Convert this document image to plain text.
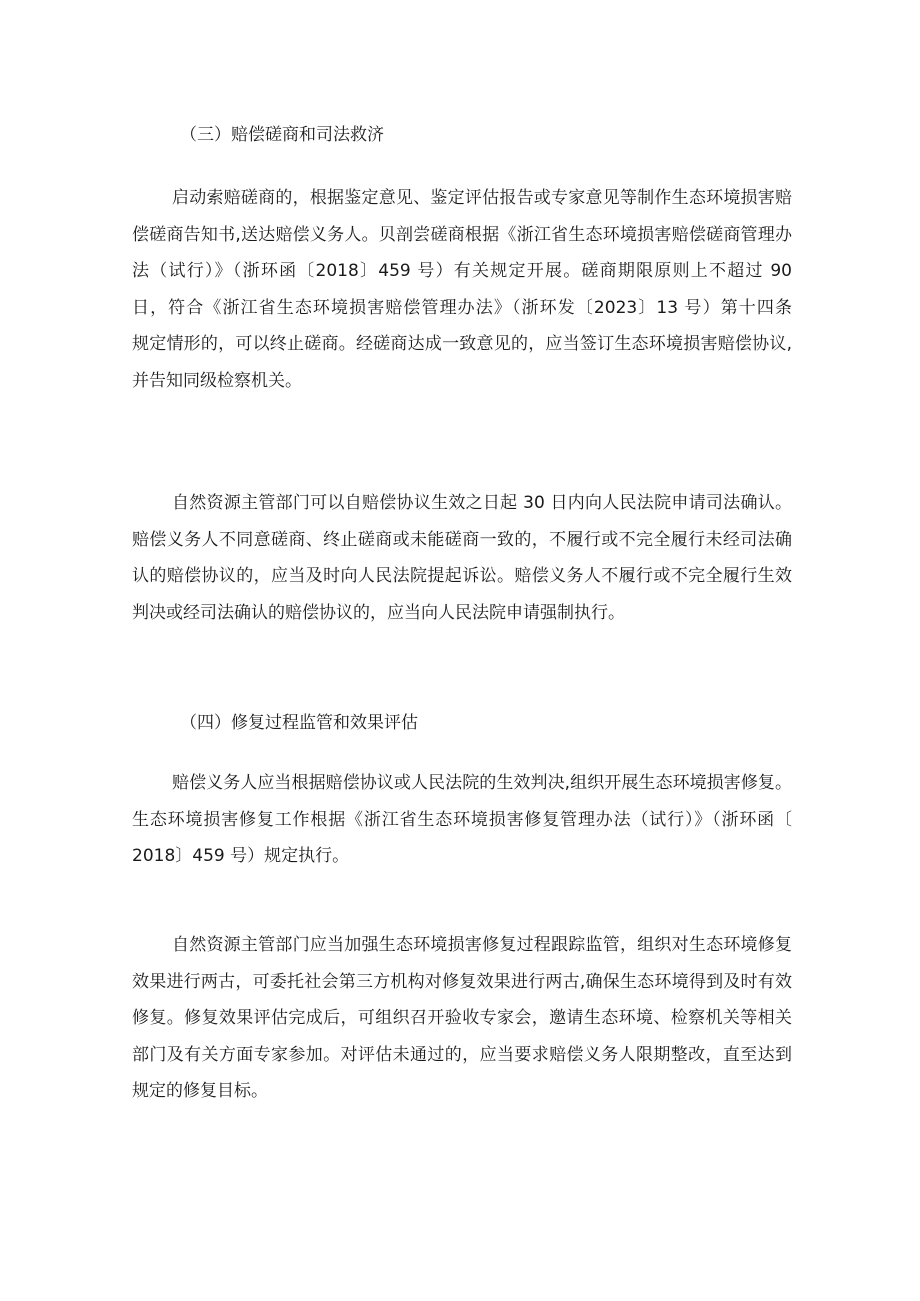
（三）赔偿磋商和司法救济
启动索赔磋商的，根据鉴定意见、鉴定评估报告或专家意见等制作生态环境损害赔
偿磋商告知书,送达赔偿义务人。贝剖尝磋商根据《浙江省生态环境损害赔偿磋商管理办
法（试行）》（浙环函〔2018〕459 号）有关规定开展。磋商期限原则上不超过 90
日，符合《浙江省生态环境损害赔偿管理办法》（浙环发〔2023〕13 号）第十四条
规定情形的，可以终止磋商。经磋商达成一致意见的，应当签订生态环境损害赔偿协议,
并告知同级检察机关。
自然资源主管部门可以自赔偿协议生效之日起 30 日内向人民法院申请司法确认。
赔偿义务人不同意磋商、终止磋商或未能磋商一致的，不履行或不完全履行未经司法确
认的赔偿协议的，应当及时向人民法院提起诉讼。赔偿义务人不履行或不完全履行生效
判决或经司法确认的赔偿协议的，应当向人民法院申请强制执行。
（四）修复过程监管和效果评估
赔偿义务人应当根据赔偿协议或人民法院的生效判决,组织开展生态环境损害修复。
生态环境损害修复工作根据《浙江省生态环境损害修复管理办法（试行）》（浙环函〔
2018〕459 号）规定执行。
自然资源主管部门应当加强生态环境损害修复过程跟踪监管，组织对生态环境修复
效果进行两古，可委托社会第三方机构对修复效果进行两古,确保生态环境得到及时有效
修复。修复效果评估完成后，可组织召开验收专家会，邀请生态环境、检察机关等相关
部门及有关方面专家参加。对评估未通过的，应当要求赔偿义务人限期整改，直至达到
规定的修复目标。
